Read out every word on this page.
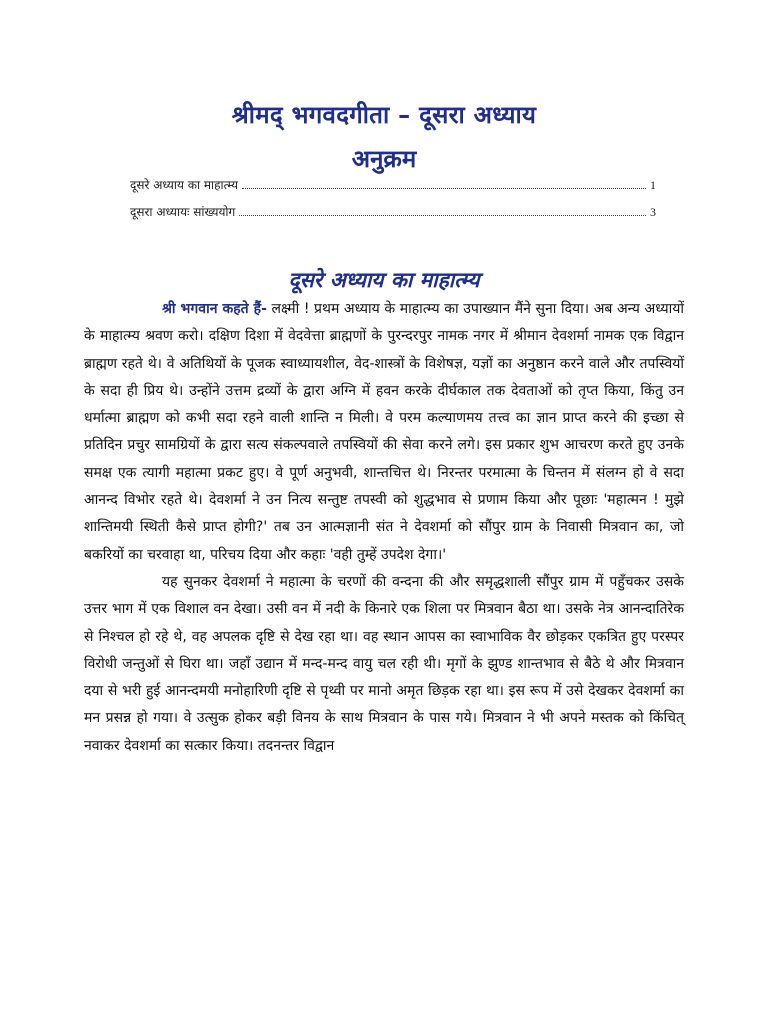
श्रीमद् भगवदगीता – दूसरा अध्याय
अनुक्रम
दूसरे अध्याय का माहात्म्य	1
दूसरा अध्यायः सांख्ययोग	3
दूसरे अध्याय का माहात्म्य

श्री भगवान कहते हैं- लक्ष्मी ! प्रथम अध्याय के माहात्म्य का उपाख्यान मैंने सुना दिया। अब अन्य अध्यायों के माहात्म्य श्रवण करो। दक्षिण दिशा में वेदवेत्ता ब्राह्मणों के पुरन्दरपुर नामक नगर में श्रीमान देवशर्मा नामक एक विद्वान ब्राह्मण रहते थे। वे अतिथियों के पूजक स्वाध्यायशील, वेद-शास्त्रों के विशेषज्ञ, यज्ञों का अनुष्ठान करने वाले और तपस्वियों के सदा ही प्रिय थे। उन्होंने उत्तम द्रव्यों के द्वारा अग्नि में हवन करके दीर्घकाल तक देवताओं को तृप्त किया, किंतु उन धर्मात्मा ब्राह्मण को कभी सदा रहने वाली शान्ति न मिली। वे परम कल्याणमय तत्त्व का ज्ञान प्राप्त करने की इच्छा से प्रतिदिन प्रचुर सामग्रियों के द्वारा सत्य संकल्पवाले तपस्वियों की सेवा करने लगे। इस प्रकार शुभ आचरण करते हुए उनके समक्ष एक त्यागी महात्मा प्रकट हुए। वे पूर्ण अनुभवी, शान्तचित्त थे। निरन्तर परमात्मा के चिन्तन में संलग्न हो वे सदा आनन्द विभोर रहते थे। देवशर्मा ने उन नित्य सन्तुष्ट तपस्वी को शुद्धभाव से प्रणाम किया और पूछाः 'महात्मन ! मुझे शान्तिमयी स्थिती कैसे प्राप्त होगी?' तब उन आत्मज्ञानी संत ने देवशर्मा को सौंपुर ग्राम के निवासी मित्रवान का, जो बकरियों का चरवाहा था, परिचय दिया और कहाः 'वही तुम्हें उपदेश देगा।'

यह सुनकर देवशर्मा ने महात्मा के चरणों की वन्दना की और समृद्धशाली सौंपुर ग्राम में पहुँचकर उसके उत्तर भाग में एक विशाल वन देखा। उसी वन में नदी के किनारे एक शिला पर मित्रवान बैठा था। उसके नेत्र आनन्दातिरेक से निश्चल हो रहे थे, वह अपलक दृष्टि से देख रहा था। वह स्थान आपस का स्वाभाविक वैर छोड़कर एकत्रित हुए परस्पर विरोधी जन्तुओं से घिरा था। जहाँ उद्यान में मन्द-मन्द वायु चल रही थी। मृगों के झुण्ड शान्तभाव से बैठे थे और मित्रवान दया से भरी हुई आनन्दमयी मनोहारिणी दृष्टि से पृथ्वी पर मानो अमृत छिड़क रहा था। इस रूप में उसे देखकर देवशर्मा का मन प्रसन्न हो गया। वे उत्सुक होकर बड़ी विनय के साथ मित्रवान के पास गये। मित्रवान ने भी अपने मस्तक को किंचित् नवाकर देवशर्मा का सत्कार किया। तदनन्तर विद्वान
